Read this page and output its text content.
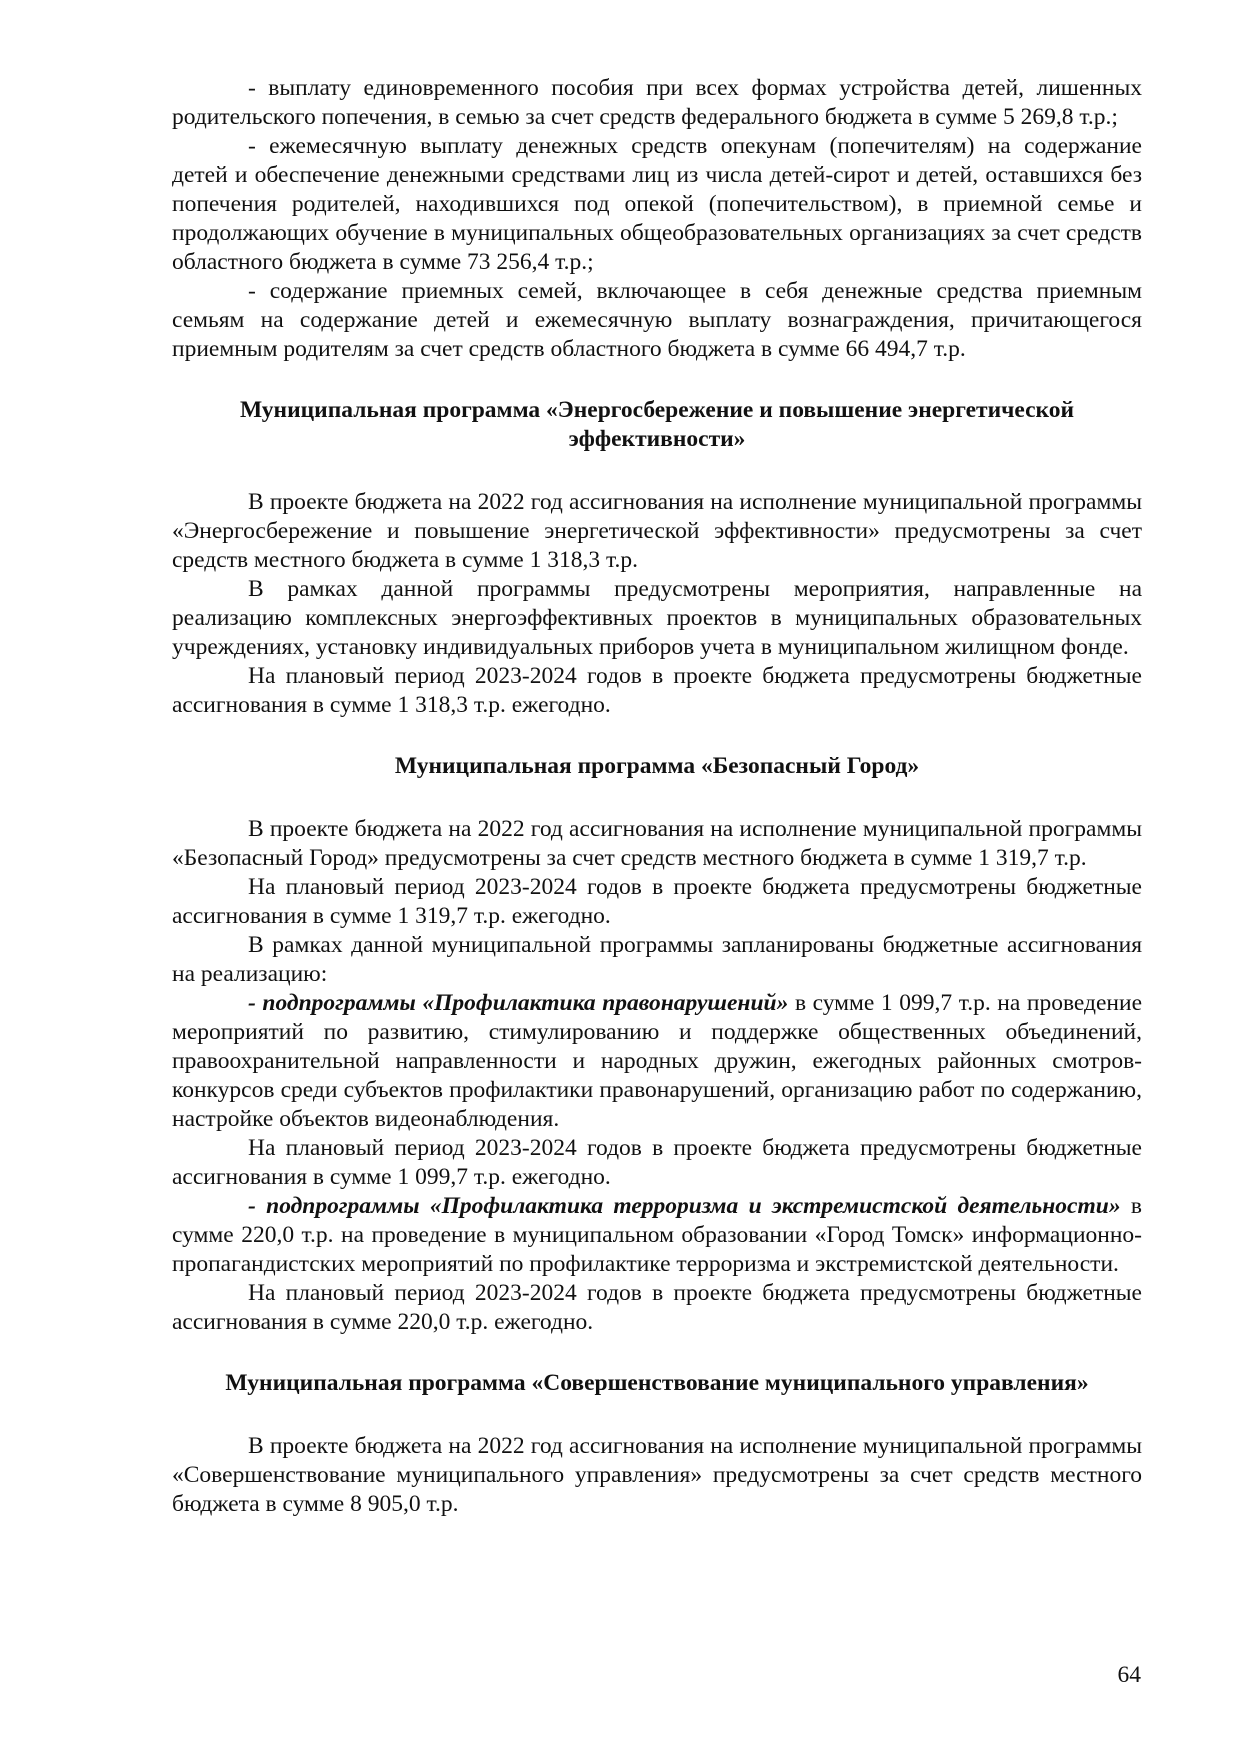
- выплату единовременного пособия при всех формах устройства детей, лишенных родительского попечения, в семью за счет средств федерального бюджета в сумме 5 269,8 т.р.;

- ежемесячную выплату денежных средств опекунам (попечителям) на содержание детей и обеспечение денежными средствами лиц из числа детей-сирот и детей, оставшихся без попечения родителей, находившихся под опекой (попечительством), в приемной семье и продолжающих обучение в муниципальных общеобразовательных организациях за счет средств областного бюджета в сумме 73 256,4 т.р.;

- содержание приемных семей, включающее в себя денежные средства приемным семьям на содержание детей и ежемесячную выплату вознаграждения, причитающегося приемным родителям за счет средств областного бюджета в сумме 66 494,7 т.р.

Муниципальная программа «Энергосбережение и повышение энергетической эффективности»

В проекте бюджета на 2022 год ассигнования на исполнение муниципальной программы «Энергосбережение и повышение энергетической эффективности» предусмотрены за счет средств местного бюджета в сумме 1 318,3 т.р.

В рамках данной программы предусмотрены мероприятия, направленные на реализацию комплексных энергоэффективных проектов в муниципальных образовательных учреждениях, установку индивидуальных приборов учета в муниципальном жилищном фонде.

На плановый период 2023-2024 годов в проекте бюджета предусмотрены бюджетные ассигнования в сумме 1 318,3 т.р. ежегодно.

Муниципальная программа «Безопасный Город»

В проекте бюджета на 2022 год ассигнования на исполнение муниципальной программы «Безопасный Город» предусмотрены за счет средств местного бюджета в сумме 1 319,7 т.р.

На плановый период 2023-2024 годов в проекте бюджета предусмотрены бюджетные ассигнования в сумме 1 319,7 т.р. ежегодно.

В рамках данной муниципальной программы запланированы бюджетные ассигнования на реализацию:

- подпрограммы «Профилактика правонарушений» в сумме 1 099,7 т.р. на проведение мероприятий по развитию, стимулированию и поддержке общественных объединений, правоохранительной направленности и народных дружин, ежегодных районных смотров-конкурсов среди субъектов профилактики правонарушений, организацию работ по содержанию, настройке объектов видеонаблюдения.

На плановый период 2023-2024 годов в проекте бюджета предусмотрены бюджетные ассигнования в сумме 1 099,7 т.р. ежегодно.

- подпрограммы «Профилактика терроризма и экстремистской деятельности» в сумме 220,0 т.р. на проведение в муниципальном образовании «Город Томск» информационно-пропагандистских мероприятий по профилактике терроризма и экстремистской деятельности.

На плановый период 2023-2024 годов в проекте бюджета предусмотрены бюджетные ассигнования в сумме 220,0 т.р. ежегодно.

Муниципальная программа «Совершенствование муниципального управления»

В проекте бюджета на 2022 год ассигнования на исполнение муниципальной программы «Совершенствование муниципального управления» предусмотрены за счет средств местного бюджета в сумме 8 905,0 т.р.

64
